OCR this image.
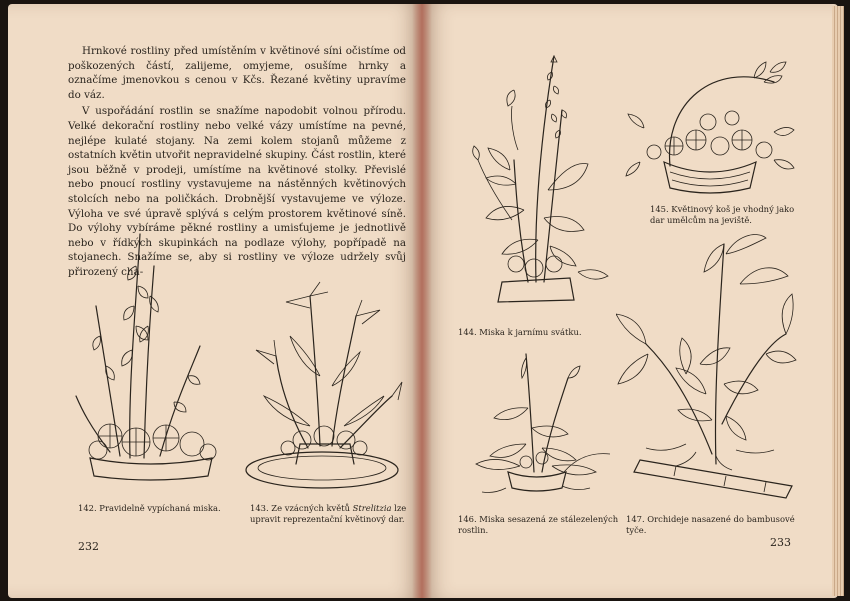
Hrnkové rostliny před umístěním v květinové síni očistíme od poškozených částí, zalijeme, omyjeme, osušíme hrnky a označíme jmenovkou s cenou v Kčs. Řezané květiny upravíme do váz.

V uspořádání rostlin se snažíme napodobit volnou přírodu. Velké dekorační rostliny nebo velké vázy umístíme na pevné, nejlépe kulaté stojany. Na zemi kolem stojanů můžeme z ostatních květin utvořit nepravidelné skupiny. Část rostlin, které jsou běžně v prodeji, umístíme na květinové stolky. Převislé nebo pnoucí rostliny vystavujeme na nástěnných květinových stolcích nebo na poličkách. Drobnější vystavujeme ve výloze. Výloha ve své úpravě splývá s celým prostorem květinové síně. Do výlohy vybíráme pěkné rostliny a umisťujeme je jednotlivě nebo v řídkých skupinkách na podlaze výlohy, popřípadě na stojanech. Snažíme se, aby si rostliny ve výloze udržely svůj přirozený cha-

142. Pravidelně vypíchaná miska.	143. Ze vzácných květů Strelitzia lze upravit reprezentační květinový dar.
232
144. Miska k jarnímu svátku.
145. Květinový koš je vhodný jako dar umělcům na jeviště.
146. Miska sesazená ze stálezelených rostlin.
147. Orchideje nasazené do bambusové tyče.
233
